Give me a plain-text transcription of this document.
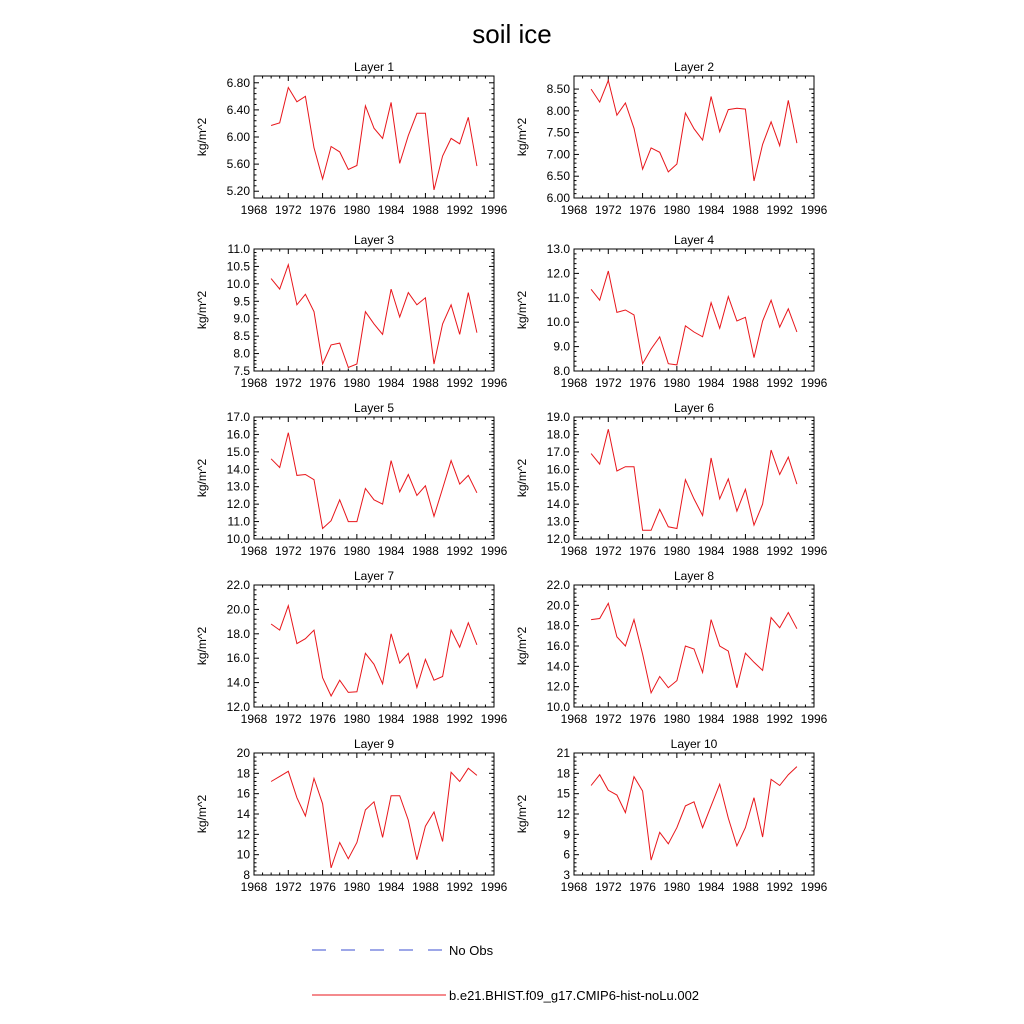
soil ice
Layer 1
1968 1972 1976 1980 1984 1988 1992 1996
5.20
5.60
6.00
6.40
6.80
kg/m^2
Layer 2
1968 1972 1976 1980 1984 1988 1992 1996
6.00
6.50
7.00
7.50
8.00
8.50
kg/m^2
Layer 3
1968 1972 1976 1980 1984 1988 1992 1996
7.5
8.0
8.5
9.0
9.5
10.0
10.5
11.0
kg/m^2
Layer 4
1968 1972 1976 1980 1984 1988 1992 1996
8.0
9.0
10.0
11.0
12.0
13.0
kg/m^2
Layer 5
1968 1972 1976 1980 1984 1988 1992 1996
10.0
11.0
12.0
13.0
14.0
15.0
16.0
17.0
kg/m^2
Layer 6
1968 1972 1976 1980 1984 1988 1992 1996
12.0
13.0
14.0
15.0
16.0
17.0
18.0
19.0
kg/m^2
Layer 7
1968 1972 1976 1980 1984 1988 1992 1996
12.0
14.0
16.0
18.0
20.0
22.0
kg/m^2
Layer 8
1968 1972 1976 1980 1984 1988 1992 1996
10.0
12.0
14.0
16.0
18.0
20.0
22.0
kg/m^2
Layer 9
1968 1972 1976 1980 1984 1988 1992 1996
8
10
12
14
16
18
20
kg/m^2
Layer 10
1968 1972 1976 1980 1984 1988 1992 1996
3
6
9
12
15
18
21
kg/m^2
No Obs
b.e21.BHIST.f09_g17.CMIP6-hist-noLu.002
